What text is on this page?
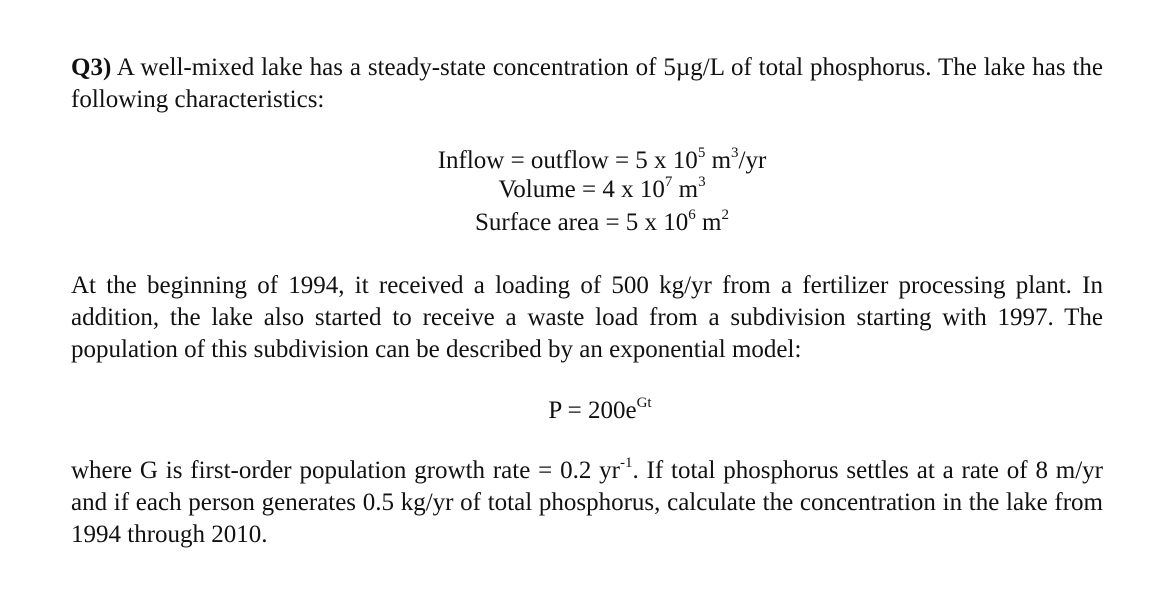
Q3) A well-mixed lake has a steady-state concentration of 5µg/L of total phosphorus. The lake has the following characteristics:
Inflow = outflow = 5 x $10^5$ $m^3/yr$
Volume = 4 x $10^7$ $m^3$
Surface area = 5 x $10^6$ $m^2$
At the beginning of 1994, it received a loading of 500 kg/yr from a fertilizer processing plant. In addition, the lake also started to receive a waste load from a subdivision starting with 1997. The population of this subdivision can be described by an exponential model:
$P = 200e^{Gt}$
where G is first-order population growth rate = 0.2 $yr^{-1}$. If total phosphorus settles at a rate of 8 m/yr and if each person generates 0.5 kg/yr of total phosphorus, calculate the concentration in the lake from 1994 through 2010.
